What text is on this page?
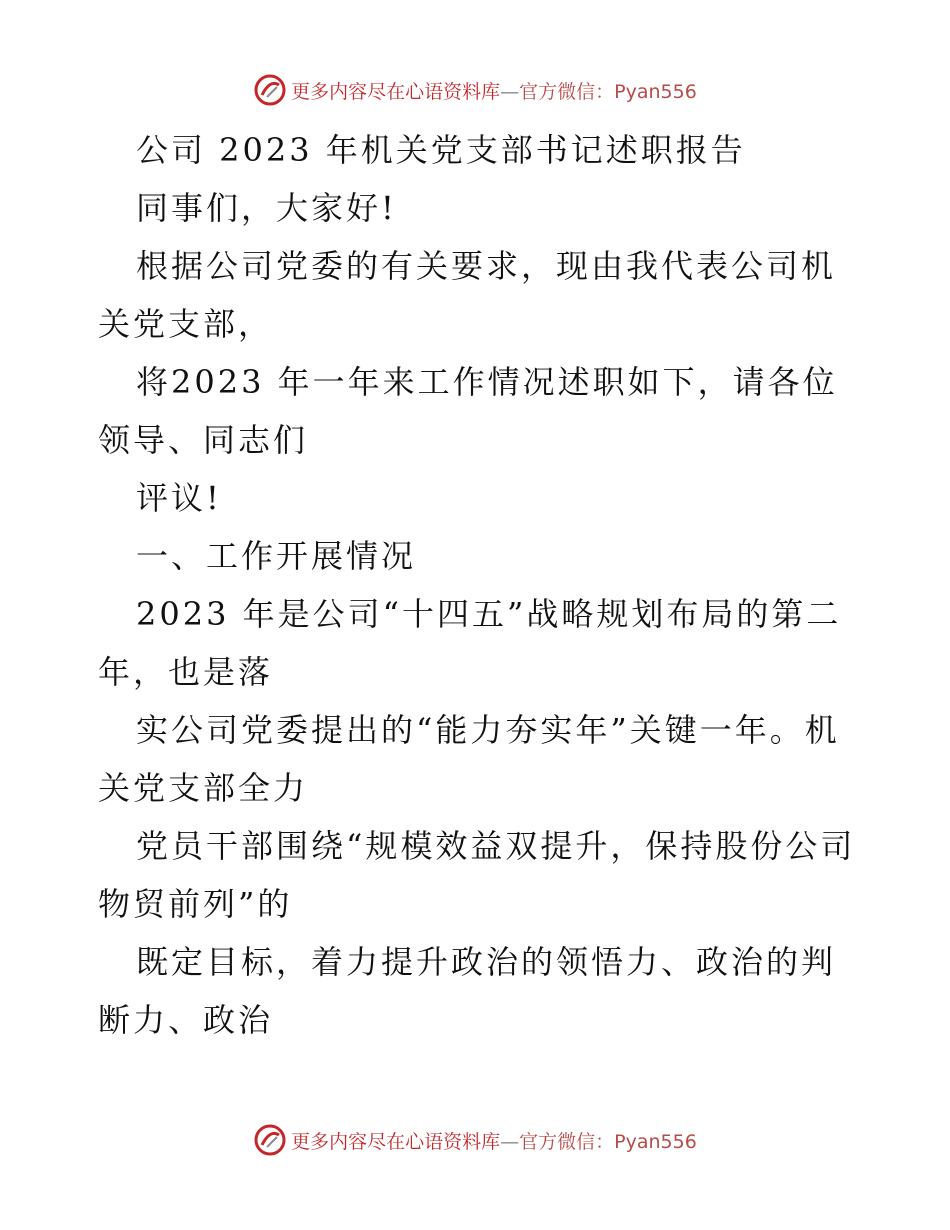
更多内容尽在心语资料库—官方微信：Pyan556

公司 2023 年机关党支部书记述职报告

同事们，大家好!

根据公司党委的有关要求，现由我代表公司机关党支部，

将2023 年一年来工作情况述职如下，请各位领导、同志们

评议!

一、工作开展情况

2023 年是公司“十四五”战略规划布局的第二年，也是落

实公司党委提出的“能力夯实年”关键一年。机关党支部全力

党员干部围绕“规模效益双提升，保持股份公司物贸前列”的

既定目标，着力提升政治的领悟力、政治的判断力、政治

更多内容尽在心语资料库—官方微信：Pyan556
